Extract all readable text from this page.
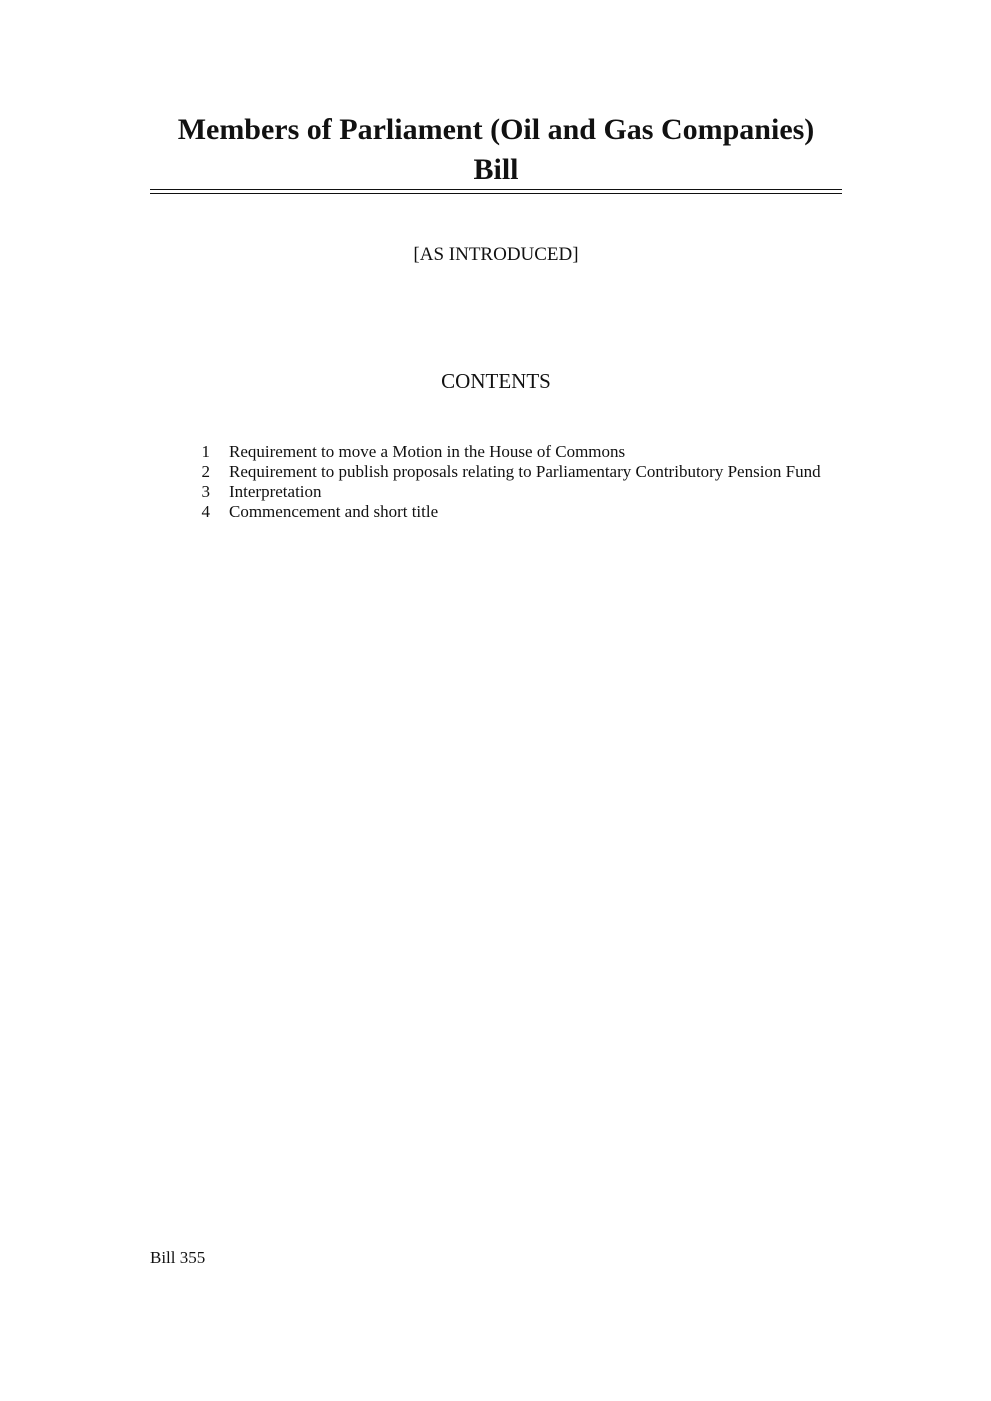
Members of Parliament (Oil and Gas Companies)
Bill
[AS INTRODUCED]
CONTENTS
1	Requirement to move a Motion in the House of Commons
2	Requirement to publish proposals relating to Parliamentary Contributory Pension Fund
3	Interpretation
4	Commencement and short title
Bill 355
